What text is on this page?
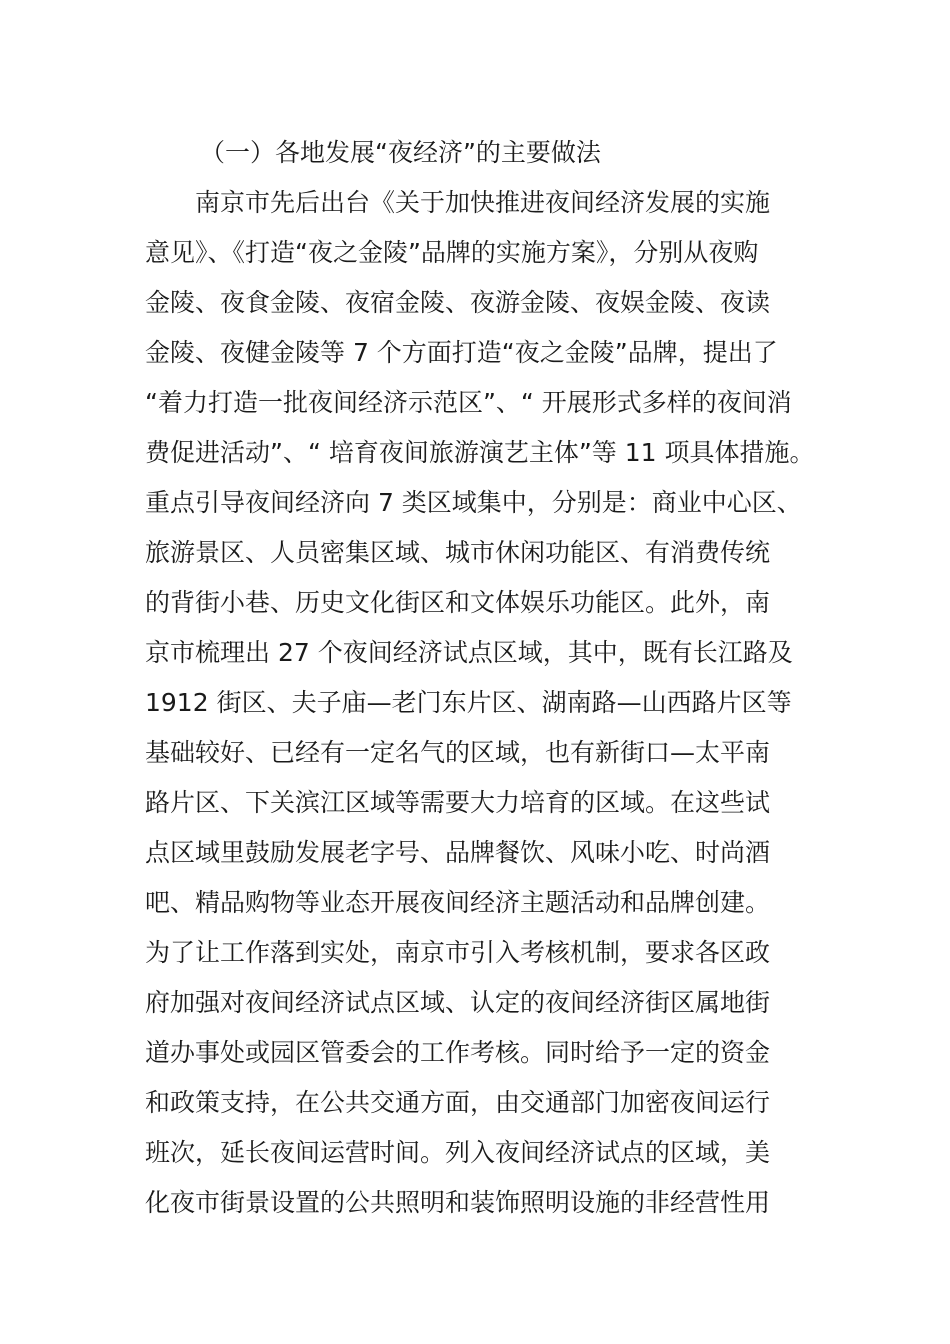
（一）各地发展“夜经济”的主要做法
南京市先后出台《关于加快推进夜间经济发展的实施
意见》、《打造“夜之金陵”品牌的实施方案》，分别从夜购
金陵、夜食金陵、夜宿金陵、夜游金陵、夜娱金陵、夜读
金陵、夜健金陵等 7 个方面打造“夜之金陵”品牌，提出了
“着力打造一批夜间经济示范区”、“ 开展形式多样的夜间消
费促进活动”、“ 培育夜间旅游演艺主体”等 11 项具体措施。
重点引导夜间经济向 7 类区域集中，分别是：商业中心区、
旅游景区、人员密集区域、城市休闲功能区、有消费传统
的背街小巷、历史文化街区和文体娱乐功能区。此外，南
京市梳理出 27 个夜间经济试点区域，其中，既有长江路及
1912 街区、夫子庙—老门东片区、湖南路—山西路片区等
基础较好、已经有一定名气的区域，也有新街口—太平南
路片区、下关滨江区域等需要大力培育的区域。在这些试
点区域里鼓励发展老字号、品牌餐饮、风味小吃、时尚酒
吧、精品购物等业态开展夜间经济主题活动和品牌创建。
为了让工作落到实处，南京市引入考核机制，要求各区政
府加强对夜间经济试点区域、认定的夜间经济街区属地街
道办事处或园区管委会的工作考核。同时给予一定的资金
和政策支持，在公共交通方面，由交通部门加密夜间运行
班次，延长夜间运营时间。列入夜间经济试点的区域，美
化夜市街景设置的公共照明和装饰照明设施的非经营性用
